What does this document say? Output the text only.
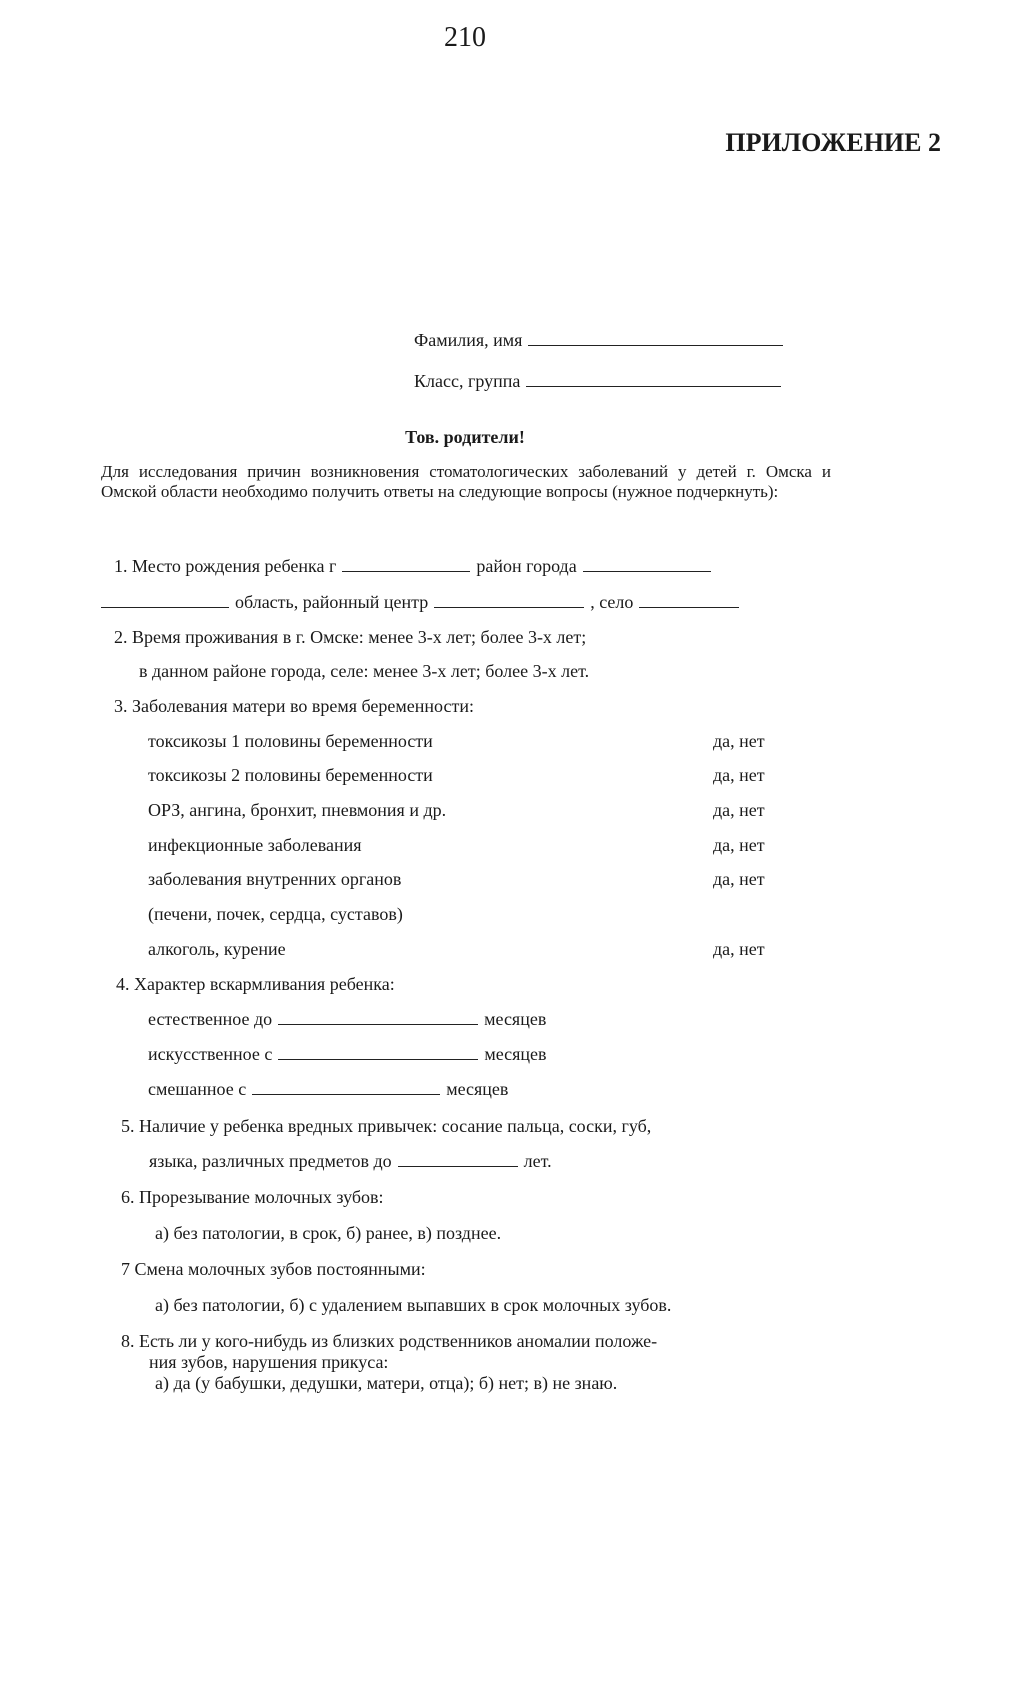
210
ПРИЛОЖЕНИЕ 2
Фамилия, имя
Класс, группа
Тов. родители!
Для исследования причин возникновения стоматологических заболеваний у детей г. Омска и Омской области необходимо получить ответы на следующие вопросы (нужное подчеркнуть):
1. Место рождения ребенка г	район города
область, районный центр	, село
2. Время проживания в г. Омске: менее 3-х лет; более 3-х лет;
в данном районе города, селе: менее 3-х лет; более 3-х лет.
3. Заболевания матери во время беременности:
токсикозы 1 половины беременности	да, нет
токсикозы 2 половины беременности	да, нет
ОРЗ, ангина, бронхит, пневмония и др.	да, нет
инфекционные заболевания	да, нет
заболевания внутренних органов	да, нет
(печени, почек, сердца, суставов)
алкоголь, курение	да, нет
4. Характер вскармливания ребенка:
естественное до	месяцев
искусственное с	месяцев
смешанное с	месяцев
5. Наличие у ребенка вредных привычек: сосание пальца, соски, губ,
языка, различных предметов до	лет.
6. Прорезывание молочных зубов:
а) без патологии, в срок, б) ранее, в) позднее.
7 Смена молочных зубов постоянными:
а) без патологии, б) с удалением выпавших в срок молочных зубов.
8. Есть ли у кого-нибудь из близких родственников аномалии положе-
ния зубов, нарушения прикуса:
а) да (у бабушки, дедушки, матери, отца); б) нет; в) не знаю.
